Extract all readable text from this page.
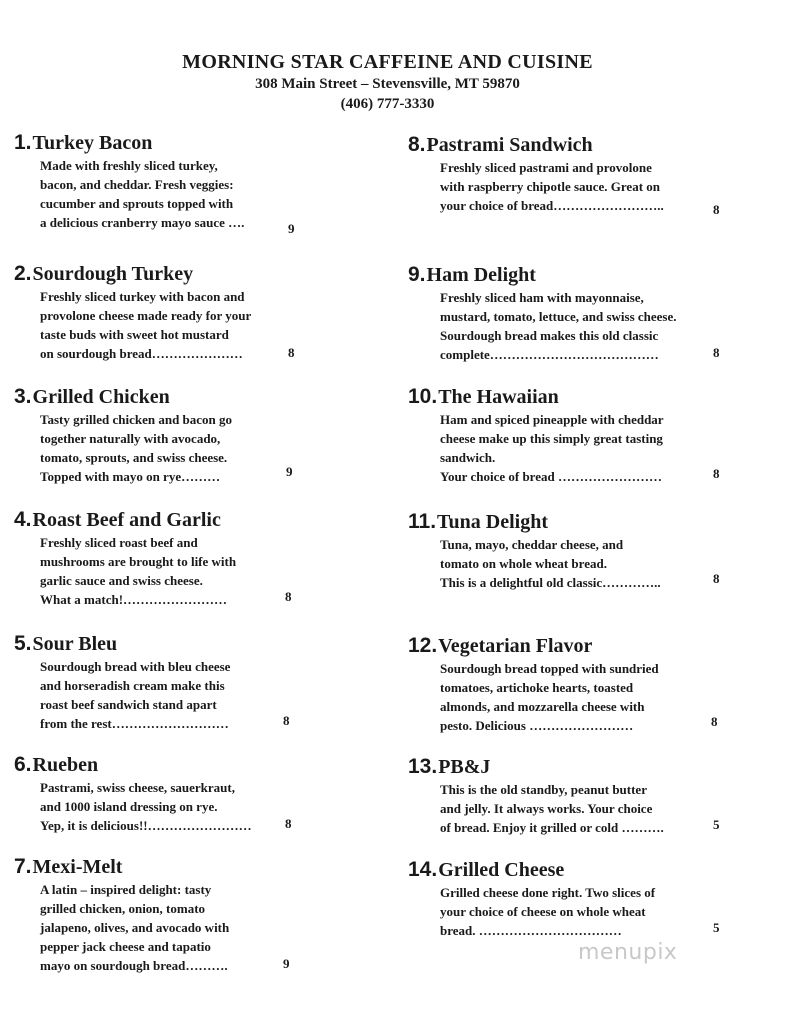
MORNING STAR CAFFEINE AND CUISINE
308 Main Street – Stevensville, MT 59870
(406) 777-3330
1. Turkey Bacon
Made with freshly sliced turkey,
bacon, and cheddar. Fresh veggies:
cucumber and sprouts topped with
a delicious cranberry mayo sauce ….	9
2. Sourdough Turkey
Freshly sliced turkey with bacon and
provolone cheese made ready for your
taste buds with sweet hot mustard
on sourdough bread…………………	8
3. Grilled Chicken
Tasty grilled chicken and bacon go
together naturally with avocado,
tomato, sprouts, and swiss cheese.
Topped with mayo on rye………	9
4. Roast Beef and Garlic
Freshly sliced roast beef and
mushrooms are brought to life with
garlic sauce and swiss cheese.
What a match!……………………	8
5. Sour Bleu
Sourdough bread with bleu cheese
and horseradish cream make this
roast beef sandwich stand apart
from the rest………………………	8
6. Rueben
Pastrami, swiss cheese, sauerkraut,
and 1000 island dressing on rye.
Yep, it is delicious!!……………………	8
7. Mexi-Melt
A latin – inspired delight: tasty
grilled chicken, onion, tomato
jalapeno, olives, and avocado with
pepper jack cheese and tapatio
mayo on sourdough bread……….	9
8. Pastrami Sandwich
Freshly sliced pastrami and provolone
with raspberry chipotle sauce. Great on
your choice of bread……………………..	8
9. Ham Delight
Freshly sliced ham with mayonnaise,
mustard, tomato, lettuce, and swiss cheese.
Sourdough bread makes this old classic
complete…………………………………	8
10. The Hawaiian
Ham and spiced pineapple with cheddar
cheese make up this simply great tasting
sandwich.
Your choice of bread ……………………	8
11. Tuna Delight
Tuna, mayo, cheddar cheese, and
tomato on whole wheat bread.
This is a delightful old classic…………..	8
12. Vegetarian Flavor
Sourdough bread topped with sundried
tomatoes, artichoke hearts, toasted
almonds, and mozzarella cheese with
pesto. Delicious ……………………	8
13. PB&J
This is the old standby, peanut butter
and jelly. It always works. Your choice
of bread. Enjoy it grilled or cold ……….	5
14. Grilled Cheese
Grilled cheese done right. Two slices of
your choice of cheese on whole wheat
bread. ……………………………	5
menupix
